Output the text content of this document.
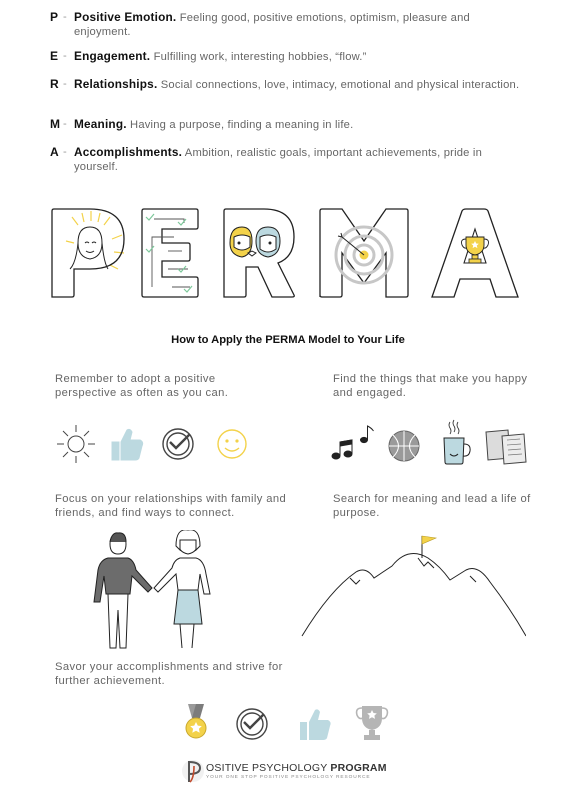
P - Positive Emotion. Feeling good, positive emotions, optimism, pleasure and enjoyment.
E - Engagement. Fulfilling work, interesting hobbies, “flow.”
R - Relationships. Social connections, love, intimacy, emotional and physical interaction.
M - Meaning. Having a purpose, finding a meaning in life.
A - Accomplishments. Ambition, realistic goals, important achievements, pride in yourself.
How to Apply the PERMA Model to Your Life
Remember to adopt a positive perspective as often as you can.
Find the things that make you happy and engaged.
Focus on your relationships with family and friends, and find ways to connect.
Search for meaning and lead a life of purpose.
Savor your accomplishments and strive for further achievement.
OSITIVE PSYCHOLOGY PROGRAM
YOUR ONE STOP POSITIVE PSYCHOLOGY RESOURCE
